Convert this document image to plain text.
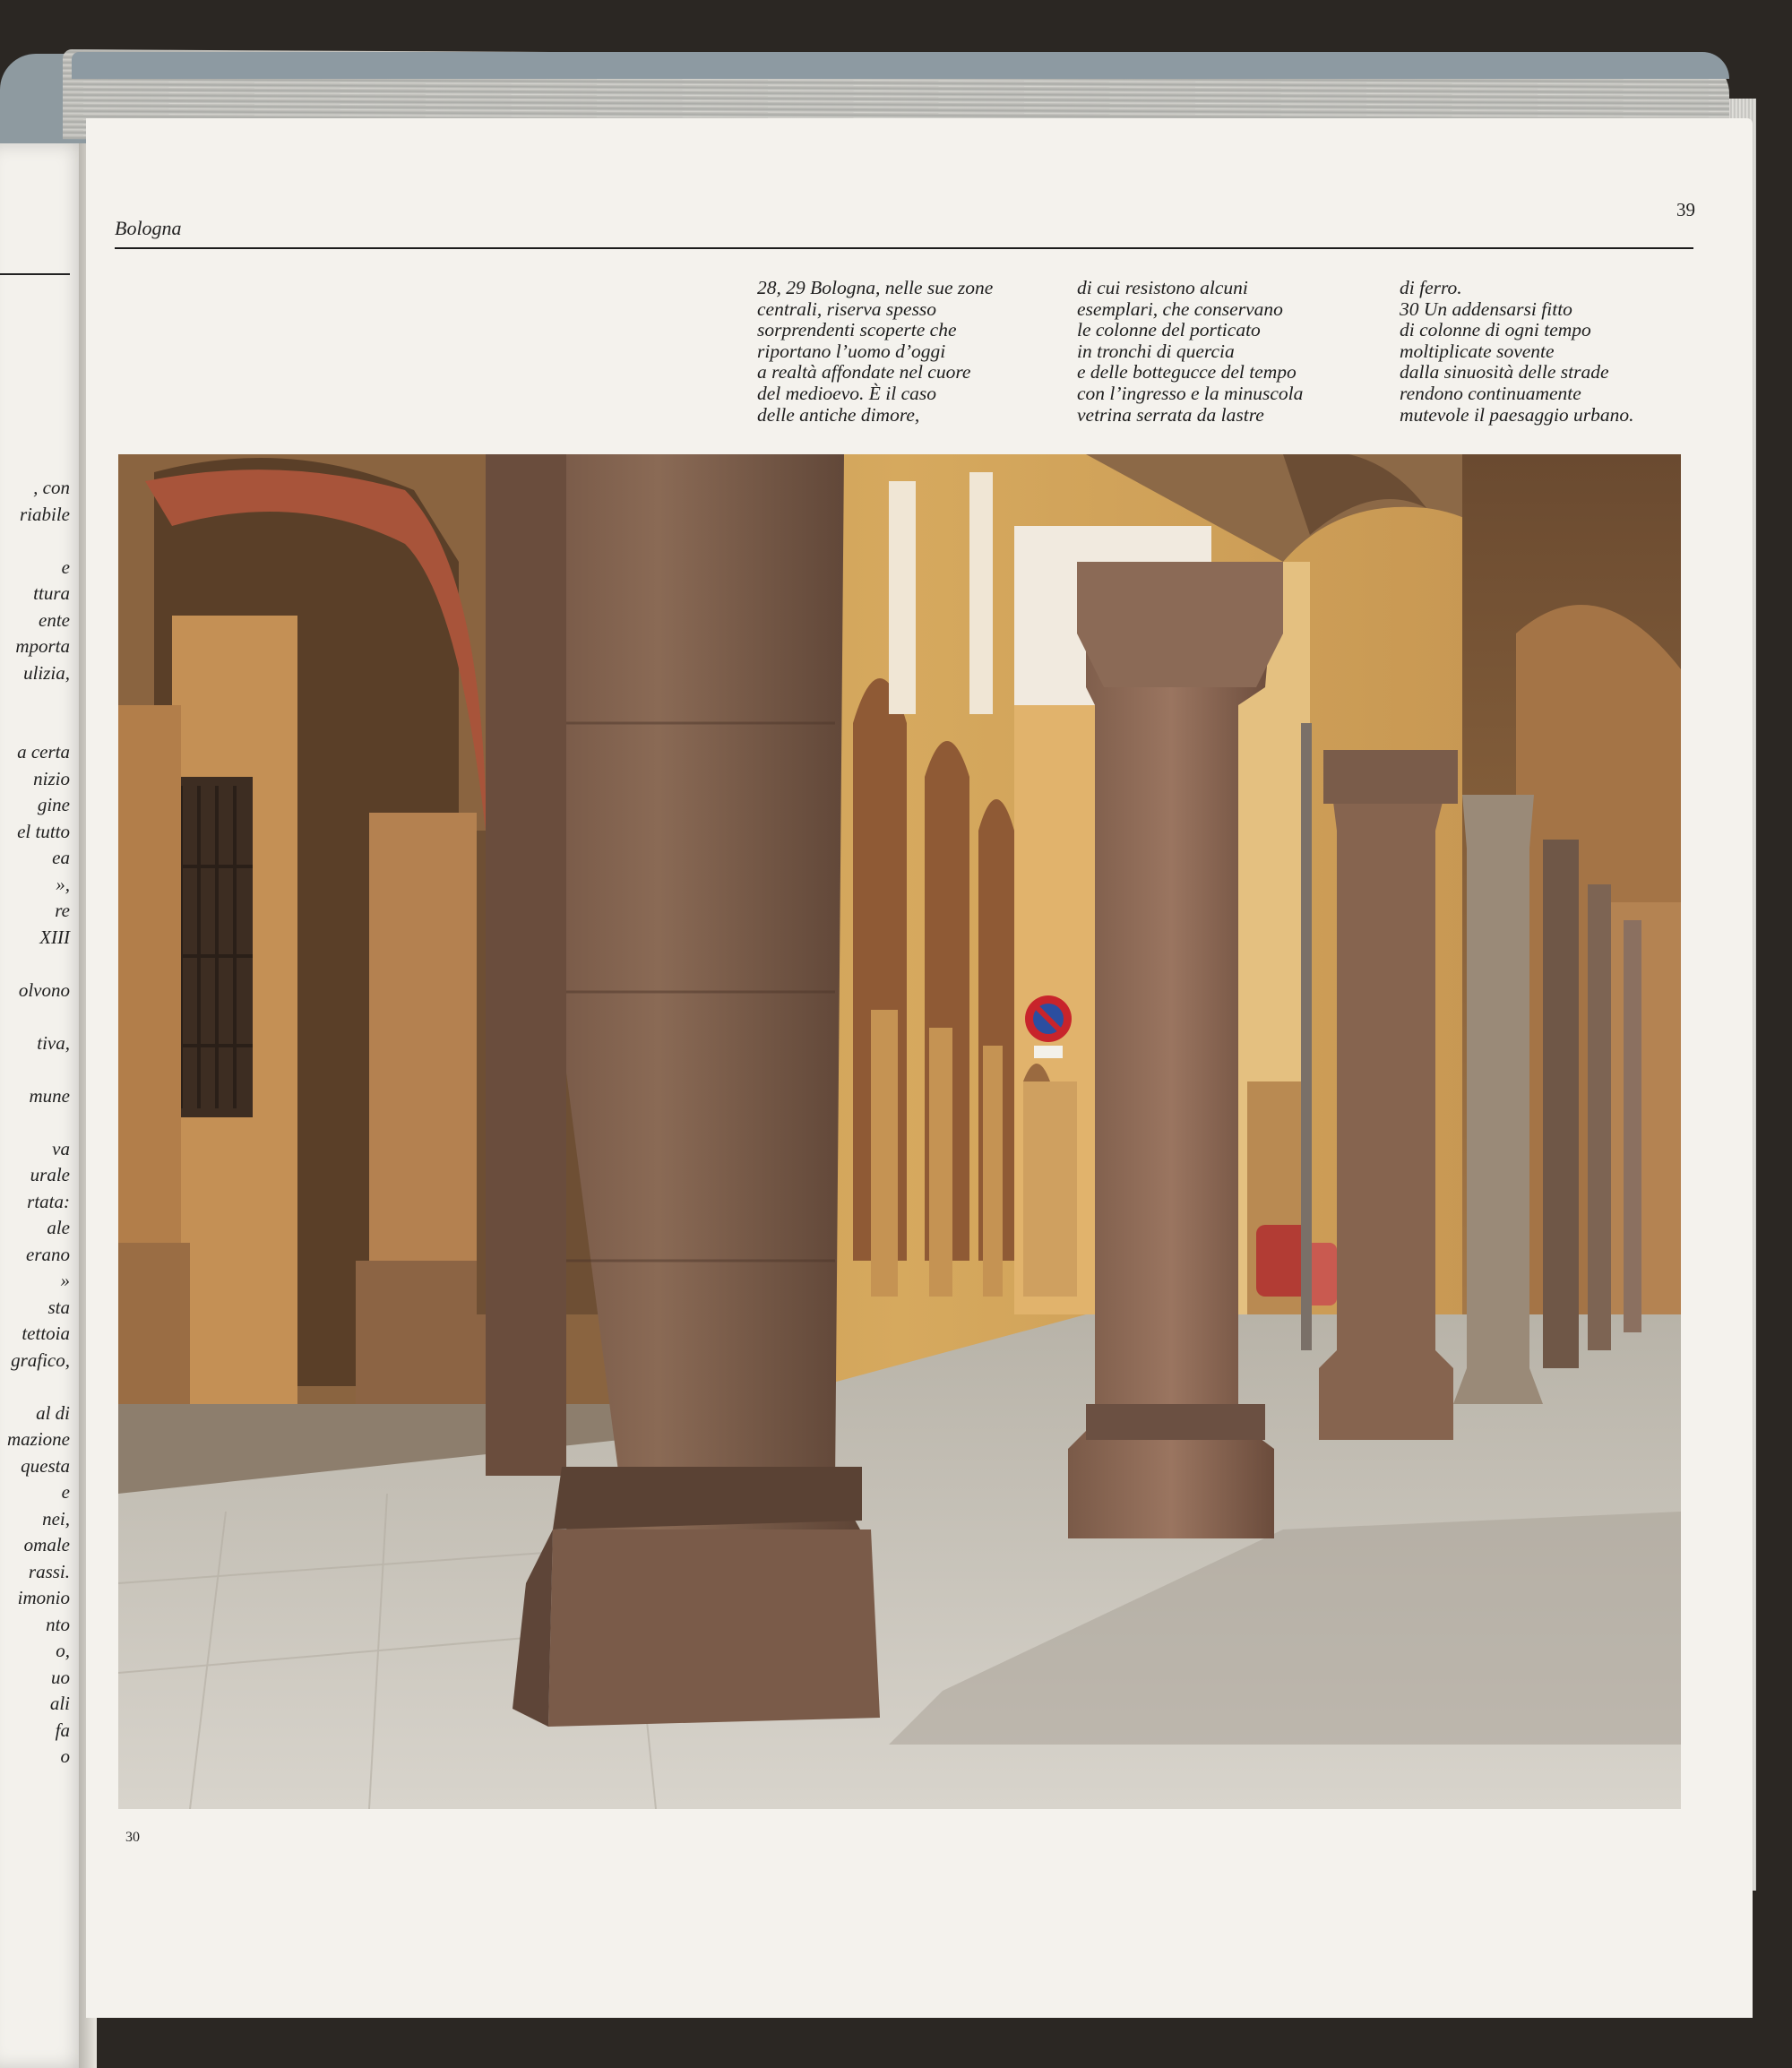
, con
riabile
e
ttura
ente
mporta
ulizia,
a certa
nizio
gine
el tutto
ea
»,
re
XIII
olvono
tiva,
mune
va
urale
rtata:
ale
erano
»
sta
tettoia
grafico,
al di
mazione
questa
e
nei,
omale
rassi.
imonio
nto
o,
uo
ali
fa
o
Bologna
39
28, 29 Bologna, nelle sue zone
centrali, riserva spesso
sorprendenti scoperte che
riportano l’uomo d’oggi
a realtà affondate nel cuore
del medioevo. È il caso
delle antiche dimore,
di cui resistono alcuni
esemplari, che conservano
le colonne del porticato
in tronchi di quercia
e delle bottegucce del tempo
con l’ingresso e la minuscola
vetrina serrata da lastre
di ferro.
30 Un addensarsi fitto
di colonne di ogni tempo
moltiplicate sovente
dalla sinuosità delle strade
rendono continuamente
mutevole il paesaggio urbano.
30
